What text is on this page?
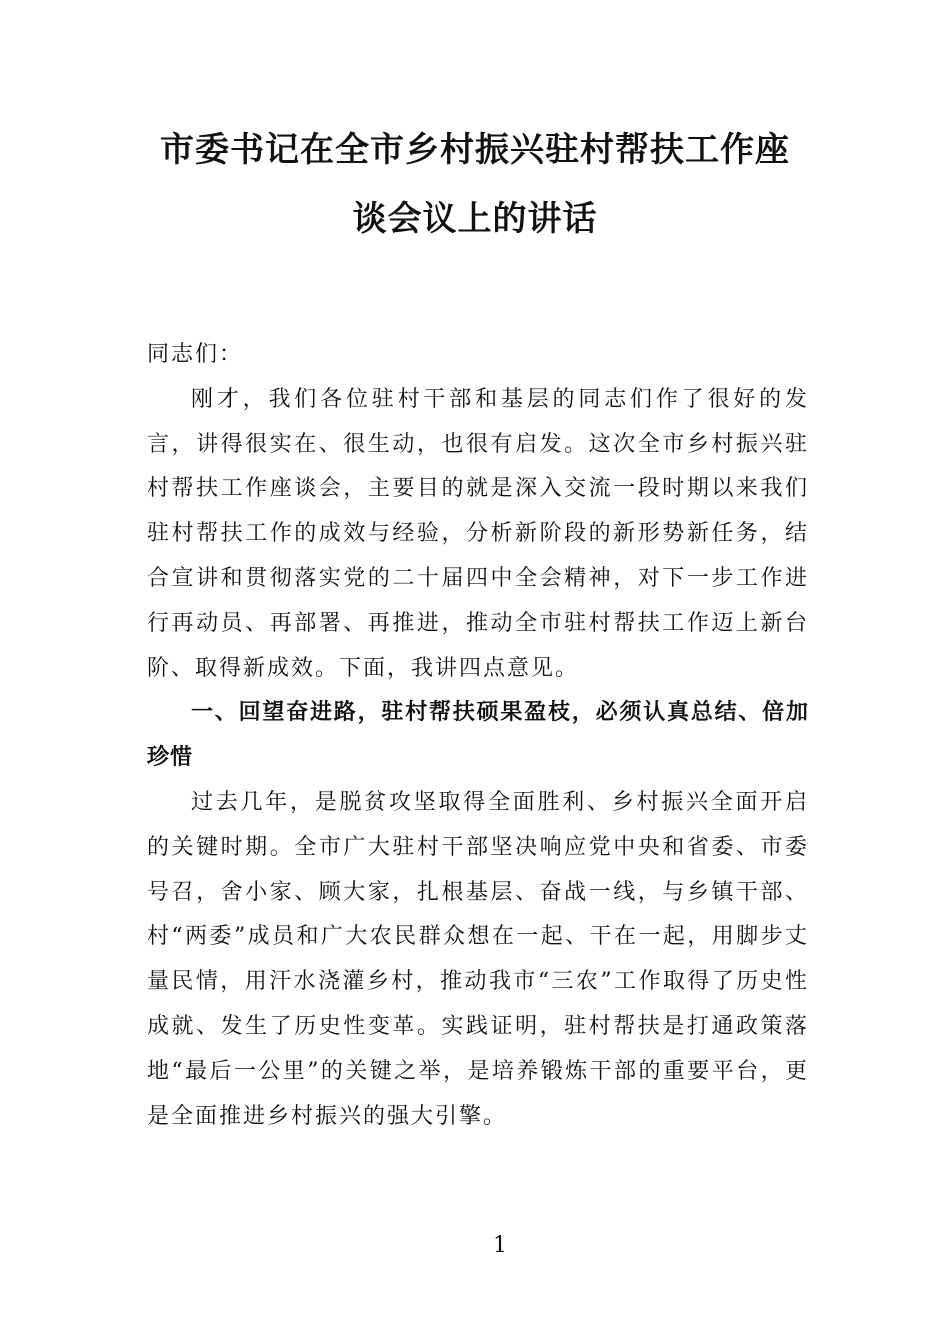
市委书记在全市乡村振兴驻村帮扶工作座
谈会议上的讲话

同志们：

刚才，我们各位驻村干部和基层的同志们作了很好的发言，讲得很实在、很生动，也很有启发。这次全市乡村振兴驻村帮扶工作座谈会，主要目的就是深入交流一段时期以来我们驻村帮扶工作的成效与经验，分析新阶段的新形势新任务，结合宣讲和贯彻落实党的二十届四中全会精神，对下一步工作进行再动员、再部署、再推进，推动全市驻村帮扶工作迈上新台阶、取得新成效。下面，我讲四点意见。

一、回望奋进路，驻村帮扶硕果盈枝，必须认真总结、倍加珍惜

过去几年，是脱贫攻坚取得全面胜利、乡村振兴全面开启的关键时期。全市广大驻村干部坚决响应党中央和省委、市委号召，舍小家、顾大家，扎根基层、奋战一线，与乡镇干部、村“两委”成员和广大农民群众想在一起、干在一起，用脚步丈量民情，用汗水浇灌乡村，推动我市“三农”工作取得了历史性成就、发生了历史性变革。实践证明，驻村帮扶是打通政策落地“最后一公里”的关键之举，是培养锻炼干部的重要平台，更是全面推进乡村振兴的强大引擎。

1
